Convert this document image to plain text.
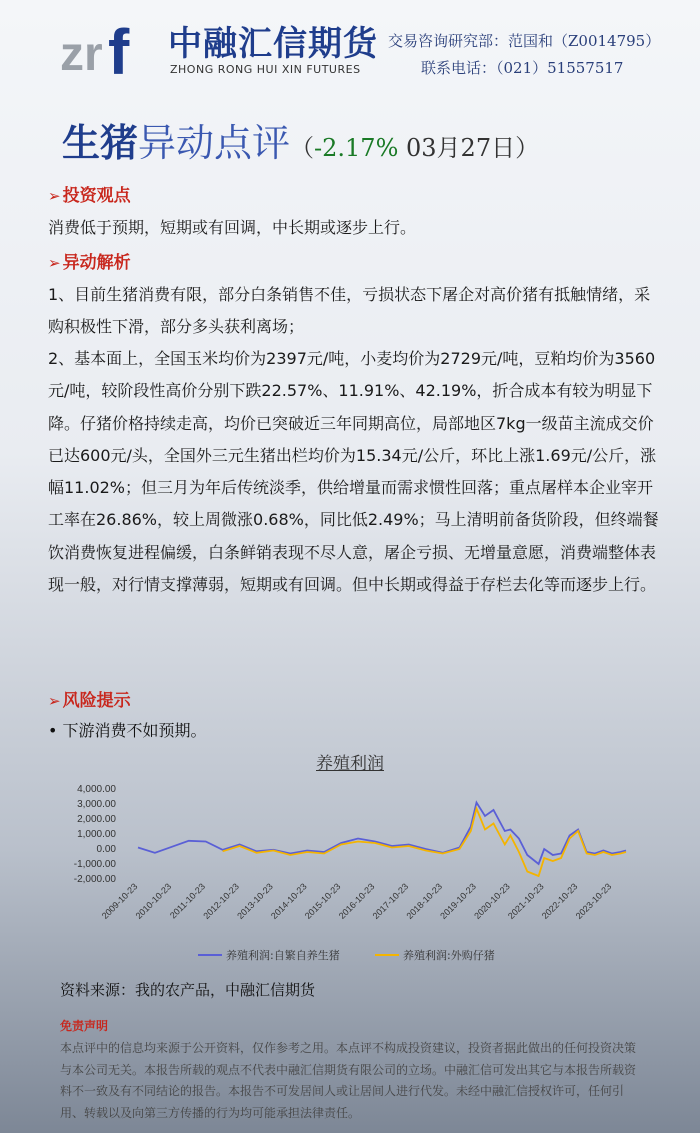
zr f 中融汇信期货
ZHONG RONG HUI XIN FUTURES
交易咨询研究部：范国和（Z0014795）
联系电话：（021）51557517
生猪异动点评（-2.17% 03月27日）
➢ 投资观点
消费低于预期，短期或有回调，中长期或逐步上行。
➢ 异动解析
1、目前生猪消费有限，部分白条销售不佳，亏损状态下屠企对高价猪有抵触情绪，采购积极性下滑，部分多头获利离场；
2、基本面上，全国玉米均价为2397元/吨，小麦均价为2729元/吨，豆粕均价为3560元/吨，较阶段性高价分别下跌22.57%、11.91%、42.19%，折合成本有较为明显下降。仔猪价格持续走高，均价已突破近三年同期高位，局部地区7kg一级苗主流成交价已达600元/头，全国外三元生猪出栏均价为15.34元/公斤，环比上涨1.69元/公斤，涨幅11.02%；但三月为年后传统淡季，供给增量而需求惯性回落；重点屠样本企业宰开工率在26.86%，较上周微涨0.68%，同比低2.49%；马上清明前备货阶段，但终端餐饮消费恢复进程偏缓，白条鲜销表现不尽人意，屠企亏损、无增量意愿，消费端整体表现一般，对行情支撑薄弱，短期或有回调。但中长期或得益于存栏去化等而逐步上行。
➢ 风险提示
• 下游消费不如预期。
养殖利润
4,000.00
3,000.00
2,000.00
1,000.00
0.00
-1,000.00
-2,000.00
2009-10-23
2010-10-23
2011-10-23
2012-10-23
2013-10-23
2014-10-23
2015-10-23
2016-10-23
2017-10-23
2018-10-23
2019-10-23
2020-10-23
2021-10-23
2022-10-23
2023-10-23
养殖利润:自繁自养生猪	养殖利润:外购仔猪
资料来源：我的农产品，中融汇信期货
免责声明
本点评中的信息均来源于公开资料，仅作参考之用。本点评不构成投资建议，投资者据此做出的任何投资决策与本公司无关。本报告所载的观点不代表中融汇信期货有限公司的立场。中融汇信可发出其它与本报告所载资料不一致及有不同结论的报告。本报告不可发居间人或让居间人进行代发。未经中融汇信授权许可，任何引用、转载以及向第三方传播的行为均可能承担法律责任。
